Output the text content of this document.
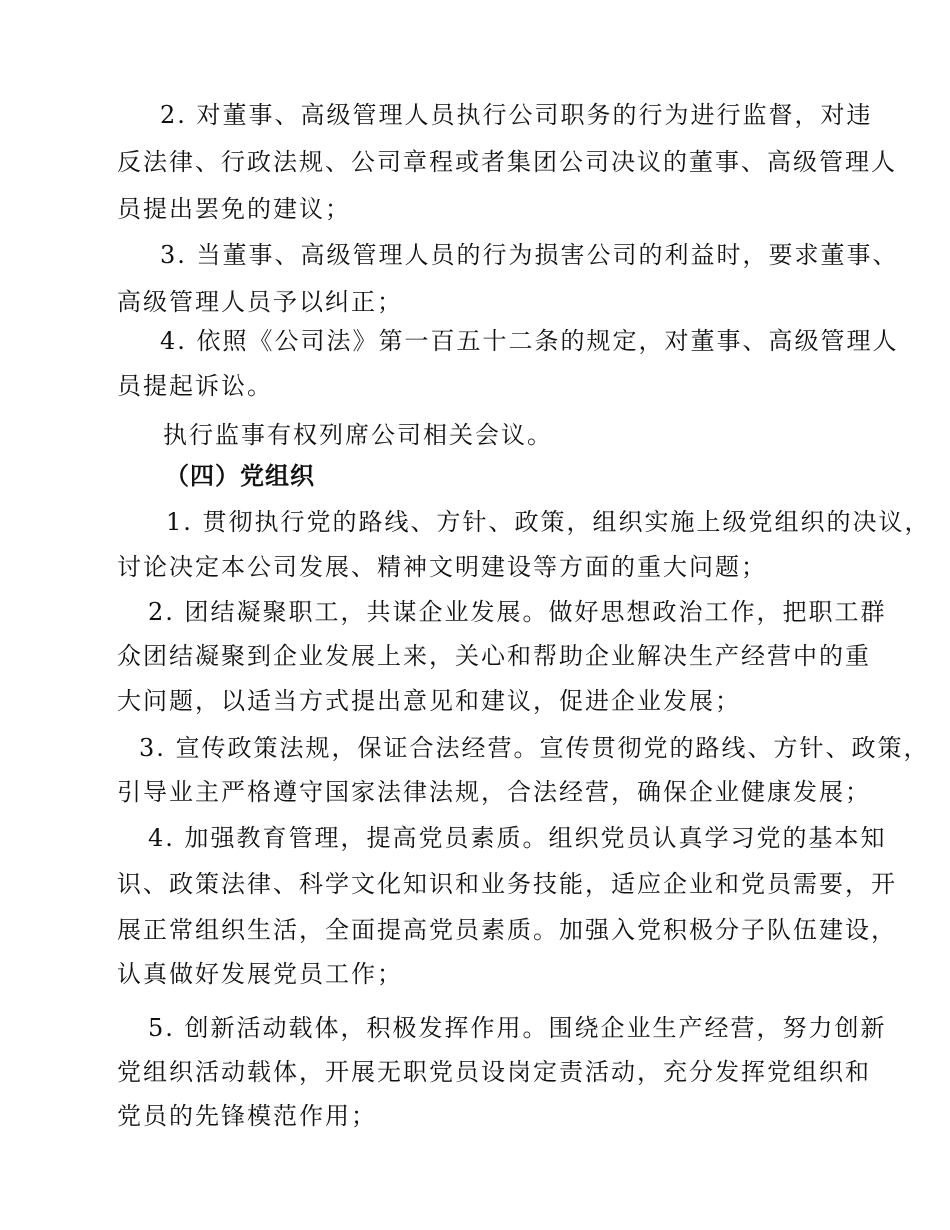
2. 对董事、高级管理人员执行公司职务的行为进行监督，对违
反法律、行政法规、公司章程或者集团公司决议的董事、高级管理人
员提出罢免的建议；
3. 当董事、高级管理人员的行为损害公司的利益时，要求董事、
高级管理人员予以纠正；
4. 依照《公司法》第一百五十二条的规定，对董事、高级管理人
员提起诉讼。
执行监事有权列席公司相关会议。
（四）党组织
1. 贯彻执行党的路线、方针、政策，组织实施上级党组织的决议，
讨论决定本公司发展、精神文明建设等方面的重大问题；
2. 团结凝聚职工，共谋企业发展。做好思想政治工作，把职工群
众团结凝聚到企业发展上来，关心和帮助企业解决生产经营中的重
大问题，以适当方式提出意见和建议，促进企业发展；
3. 宣传政策法规，保证合法经营。宣传贯彻党的路线、方针、政策，
引导业主严格遵守国家法律法规，合法经营，确保企业健康发展；
4. 加强教育管理，提高党员素质。组织党员认真学习党的基本知
识、政策法律、科学文化知识和业务技能，适应企业和党员需要，开
展正常组织生活，全面提高党员素质。加强入党积极分子队伍建设，
认真做好发展党员工作；
5. 创新活动载体，积极发挥作用。围绕企业生产经营，努力创新
党组织活动载体，开展无职党员设岗定责活动，充分发挥党组织和
党员的先锋模范作用；
